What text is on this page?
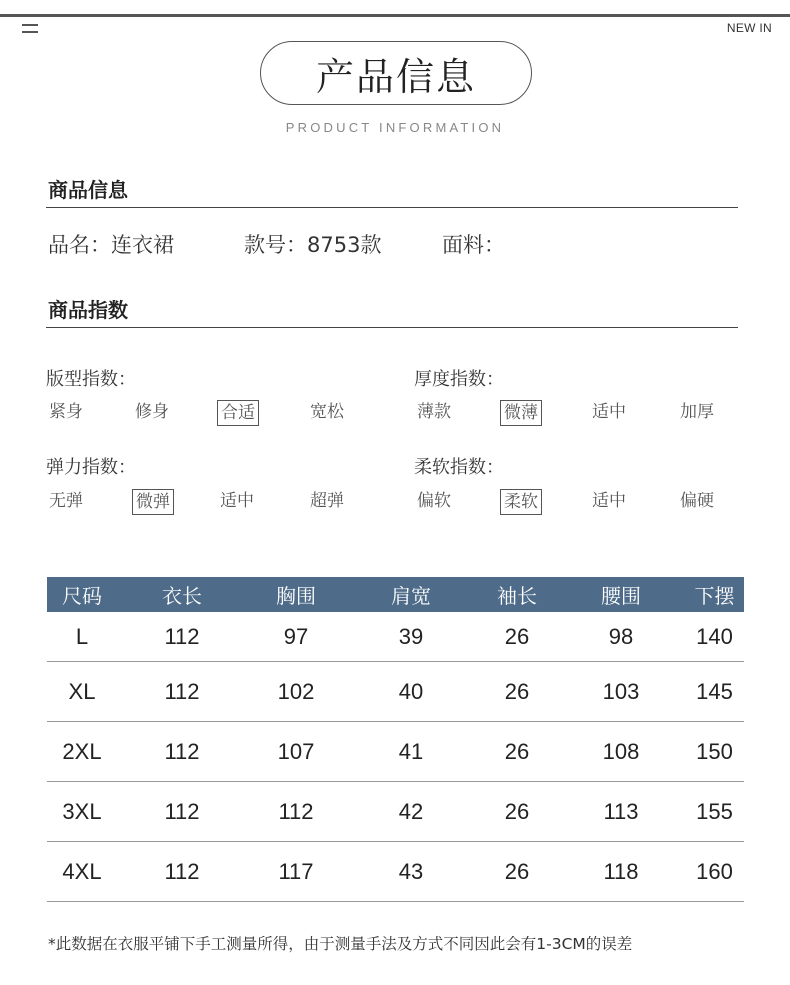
NEW IN
产品信息
PRODUCT INFORMATION
商品信息
品名：连衣裙	款号：8753款	面料：
商品指数
版型指数：
紧身	修身	合适	宽松
厚度指数：
薄款	微薄	适中	加厚
弹力指数：
无弹	微弹	适中	超弹
柔软指数：
偏软	柔软	适中	偏硬
尺码	衣长	胸围	肩宽	袖长	腰围	下摆
L	112	97	39	26	98	140
XL	112	102	40	26	103	145
2XL	112	107	41	26	108	150
3XL	112	112	42	26	113	155
4XL	112	117	43	26	118	160
*此数据在衣服平铺下手工测量所得，由于测量手法及方式不同因此会有1-3CM的误差
